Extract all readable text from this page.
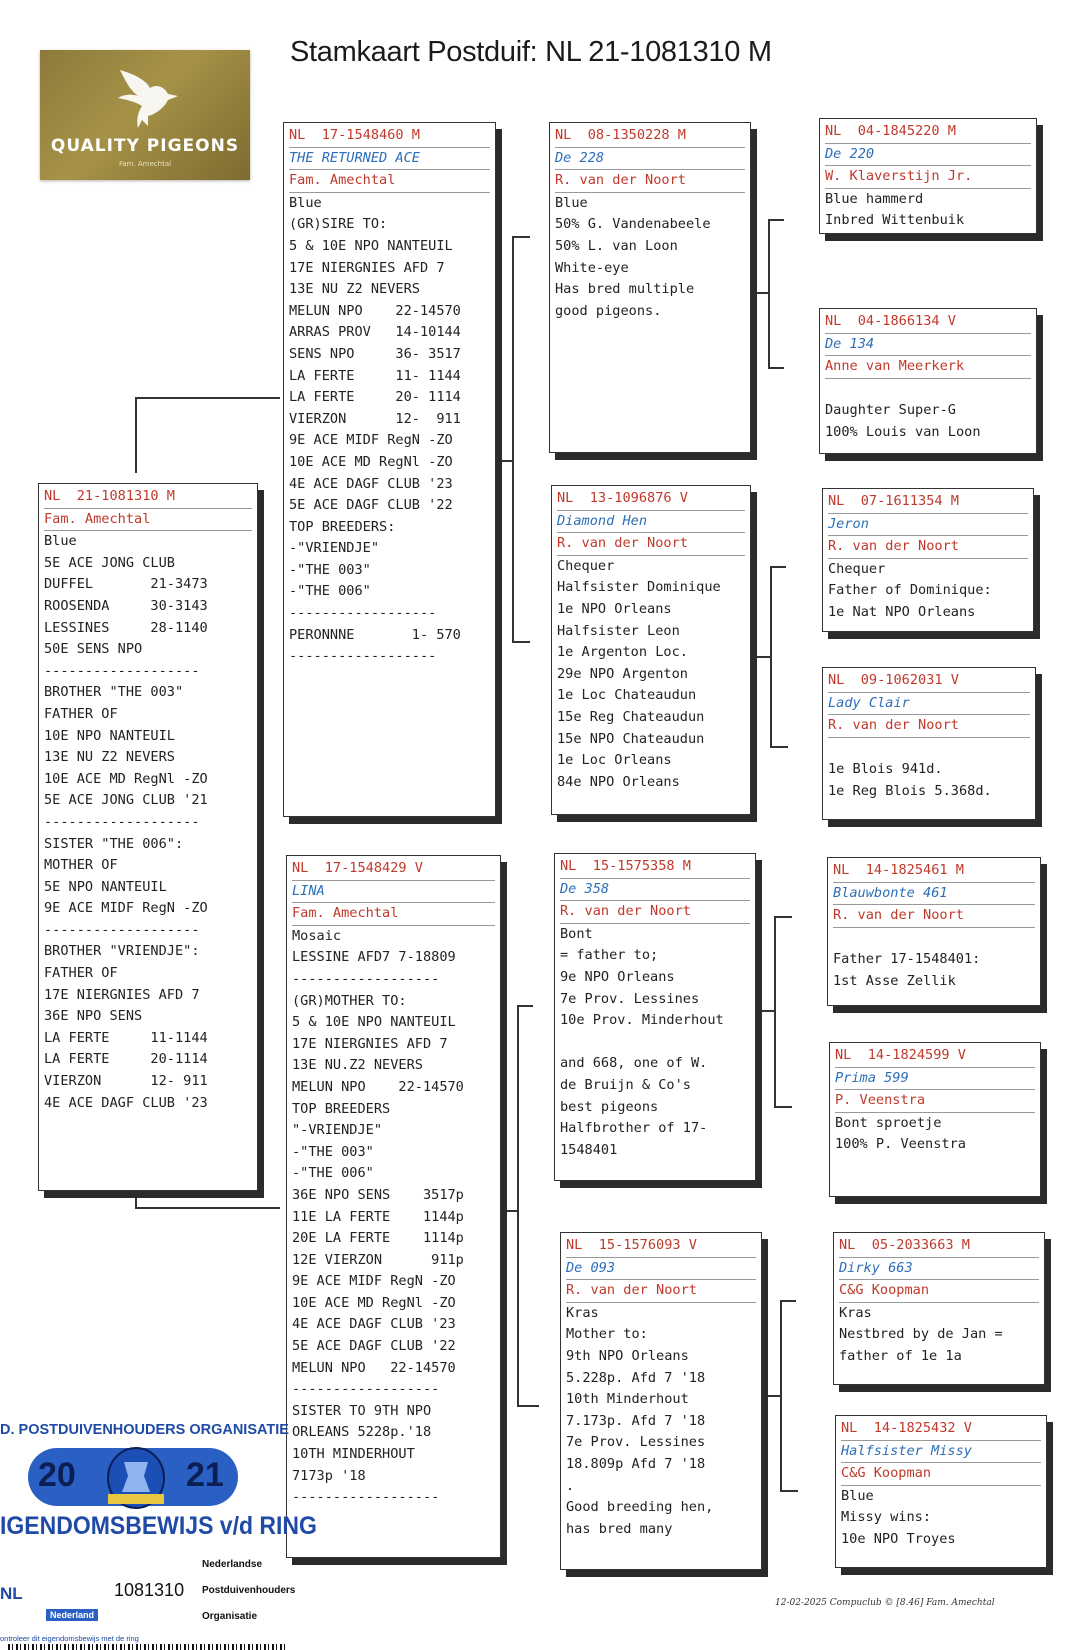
Stamkaart Postduif: NL 21-1081310 M
QUALITY PIGEONS
Fam. Amechtal
NL  21-1081310 M
Fam. Amechtal
Blue
5E ACE JONG CLUB
DUFFEL       21-3473
ROOSENDA     30-3143
LESSINES     28-1140
50E SENS NPO
-------------------
BROTHER "THE 003"
FATHER OF
10E NPO NANTEUIL
13E NU Z2 NEVERS
10E ACE MD RegNl -ZO
5E ACE JONG CLUB '21
-------------------
SISTER "THE 006":
MOTHER OF
5E NPO NANTEUIL
9E ACE MIDF RegN -ZO
-------------------
BROTHER "VRIENDJE":
FATHER OF
17E NIERGNIES AFD 7
36E NPO SENS
LA FERTE     11-1144
LA FERTE     20-1114
VIERZON      12- 911
4E ACE DAGF CLUB '23
NL  17-1548460 M
THE RETURNED ACE
Fam. Amechtal
Blue
(GR)SIRE TO:
5 & 10E NPO NANTEUIL
17E NIERGNIES AFD 7
13E NU Z2 NEVERS
MELUN NPO    22-14570
ARRAS PROV   14-10144
SENS NPO     36- 3517
LA FERTE     11- 1144
LA FERTE     20- 1114
VIERZON      12-  911
9E ACE MIDF RegN -ZO
10E ACE MD RegNl -ZO
4E ACE DAGF CLUB '23
5E ACE DAGF CLUB '22
TOP BREEDERS:
-"VRIENDJE"
-"THE 003"
-"THE 006"
------------------
PERONNNE       1- 570
------------------
NL  17-1548429 V
LINA
Fam. Amechtal
Mosaic
LESSINE AFD7 7-18809
------------------
(GR)MOTHER TO:
5 & 10E NPO NANTEUIL
17E NIERGNIES AFD 7
13E NU.Z2 NEVERS
MELUN NPO    22-14570
TOP BREEDERS
"-VRIENDJE"
-"THE 003"
-"THE 006"
36E NPO SENS    3517p
11E LA FERTE    1144p
20E LA FERTE    1114p
12E VIERZON      911p
9E ACE MIDF RegN -ZO
10E ACE MD RegNl -ZO
4E ACE DAGF CLUB '23
5E ACE DAGF CLUB '22
MELUN NPO   22-14570
------------------
SISTER TO 9TH NPO
ORLEANS 5228p.'18
10TH MINDERHOUT
7173p '18
------------------
NL  08-1350228 M
De 228
R. van der Noort
Blue
50% G. Vandenabeele
50% L. van Loon
White-eye
Has bred multiple
good pigeons.
NL  13-1096876 V
Diamond Hen
R. van der Noort
Chequer
Halfsister Dominique
1e NPO Orleans
Halfsister Leon
1e Argenton Loc.
29e NPO Argenton
1e Loc Chateaudun
15e Reg Chateaudun
15e NPO Chateaudun
1e Loc Orleans
84e NPO Orleans
NL  15-1575358 M
De 358
R. van der Noort
Bont
= father to;
9e NPO Orleans
7e Prov. Lessines
10e Prov. Minderhout

and 668, one of W.
de Bruijn & Co's
best pigeons
Halfbrother of 17-
1548401
NL  15-1576093 V
De 093
R. van der Noort
Kras
Mother to:
9th NPO Orleans
5.228p. Afd 7 '18
10th Minderhout
7.173p. Afd 7 '18
7e Prov. Lessines
18.809p Afd 7 '18
.
Good breeding hen,
has bred many
NL  04-1845220 M
De 220
W. Klaverstijn Jr.
Blue hammerd
Inbred Wittenbuik
NL  04-1866134 V
De 134
Anne van Meerkerk

Daughter Super-G
100% Louis van Loon
NL  07-1611354 M
Jeron
R. van der Noort
Chequer
Father of Dominique:
1e Nat NPO Orleans
NL  09-1062031 V
Lady Clair
R. van der Noort

1e Blois 941d.
1e Reg Blois 5.368d.
NL  14-1825461 M
Blauwbonte 461
R. van der Noort

Father 17-1548401:
1st Asse Zellik
NL  14-1824599 V
Prima 599
P. Veenstra
Bont sproetje
100% P. Veenstra
NL  05-2033663 M
Dirky 663
C&G Koopman
Kras
Nestbred by de Jan =
father of 1e 1a
NL  14-1825432 V
Halfsister Missy
C&G Koopman
Blue
Missy wins:
10e NPO Troyes
D. POSTDUIVENHOUDERS ORGANISATIE
20	21
IGENDOMSBEWIJS v/d RING
NL	1081310
Nederland
ontroleer dit eigendomsbewijs met de ring
Nederlandse
Postduivenhouders
Organisatie
12-02-2025 Compuclub © [8.46] Fam. Amechtal
